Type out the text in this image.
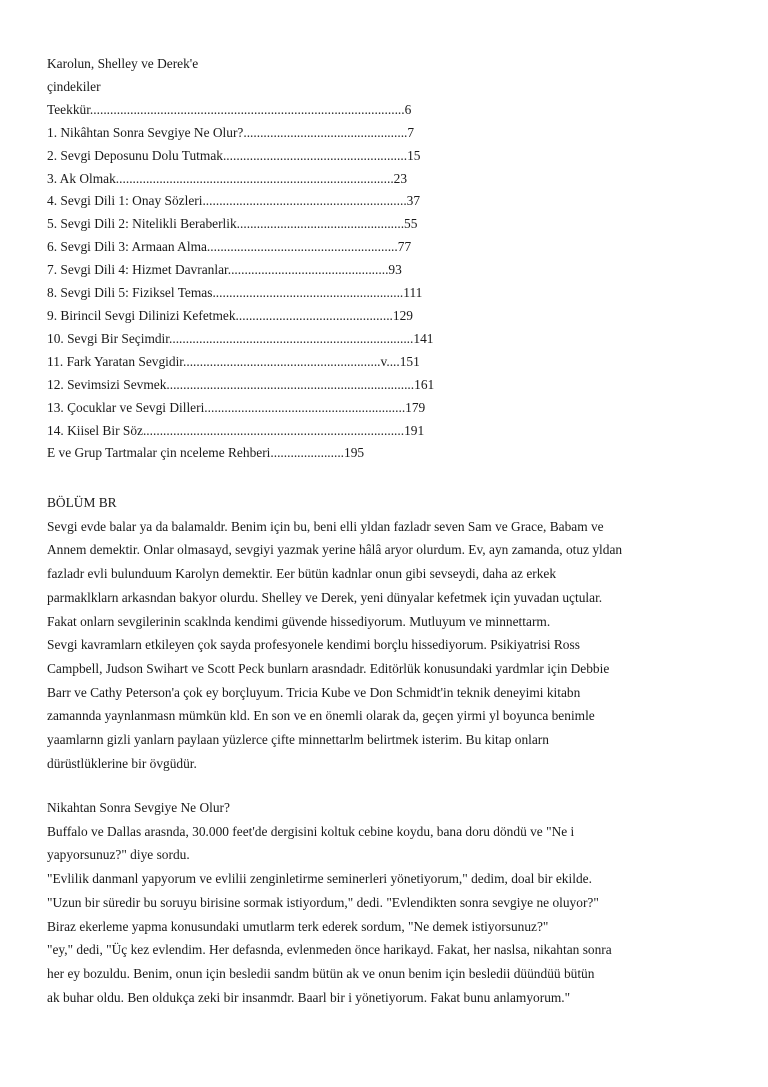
Karolun, Shelley ve Derek'e
çindekiler
Teekkür..............................................................................................6
1. Nikâhtan Sonra Sevgiye Ne Olur?.................................................7
2. Sevgi Deposunu Dolu Tutmak.......................................................15
3. Ak Olmak...................................................................................23
4. Sevgi Dili 1: Onay Sözleri.............................................................37
5. Sevgi Dili 2: Nitelikli Beraberlik..................................................55
6. Sevgi Dili 3: Armaan Alma.........................................................77
7. Sevgi Dili 4: Hizmet Davranlar................................................93
8. Sevgi Dili 5: Fiziksel Temas.........................................................111
9. Birincil Sevgi Dilinizi Kefetmek...............................................129
10. Sevgi Bir Seçimdir.........................................................................141
11. Fark Yaratan Sevgidir...........................................................v....151
12. Sevimsizi Sevmek..........................................................................161
13. Çocuklar ve Sevgi Dilleri............................................................179
14. Kiisel Bir Söz..............................................................................191
E ve Grup Tartmalar çin nceleme Rehberi......................195
BÖLÜM BR
Sevgi evde balar ya da balamaldr. Benim için bu, beni elli yldan fazladr seven Sam ve Grace, Babam ve
Annem demektir. Onlar olmasayd, sevgiyi yazmak yerine hâlâ aryor olurdum. Ev, ayn zamanda, otuz yldan
fazladr evli bulunduum Karolyn demektir. Eer bütün kadnlar onun gibi sevseydi, daha az erkek
parmaklklarn arkasndan bakyor olurdu. Shelley ve Derek, yeni dünyalar kefetmek için yuvadan uçtular.
Fakat onlarn sevgilerinin scaklnda kendimi güvende hissediyorum. Mutluyum ve minnettarm.
Sevgi kavramlarn etkileyen çok sayda profesyonele kendimi borçlu hissediyorum. Psikiyatrisi Ross
Campbell, Judson Swihart ve Scott Peck bunlarn arasndadr. Editörlük konusundaki yardmlar için Debbie
Barr ve Cathy Peterson'a çok ey borçluyum. Tricia Kube ve Don Schmidt'in teknik deneyimi kitabn
zamannda yaynlanmasn mümkün kld. En son ve en önemli olarak da, geçen yirmi yl boyunca benimle
yaamlarnn gizli yanlarn paylaan yüzlerce çifte minnettarlm belirtmek isterim. Bu kitap onlarn
dürüstlüklerine bir övgüdür.
Nikahtan Sonra Sevgiye Ne Olur?
Buffalo ve Dallas arasnda, 30.000 feet'de dergisini koltuk cebine koydu, bana doru döndü ve "Ne i
yapyorsunuz?" diye sordu.
"Evlilik danmanl yapyorum ve evlilii zenginletirme seminerleri yönetiyorum," dedim, doal bir ekilde.
"Uzun bir süredir bu soruyu birisine sormak istiyordum," dedi. "Evlendikten sonra sevgiye ne oluyor?"
Biraz ekerleme yapma konusundaki umutlarm terk ederek sordum, "Ne demek istiyorsunuz?"
"ey," dedi, "Üç kez evlendim. Her defasnda, evlenmeden önce harikayd. Fakat, her naslsa, nikahtan sonra
her ey bozuldu. Benim, onun için besledii sandm bütün ak ve onun benim için besledii düündüü bütün
ak buhar oldu. Ben oldukça zeki bir insanmdr. Baarl bir i yönetiyorum. Fakat bunu anlamyorum."
